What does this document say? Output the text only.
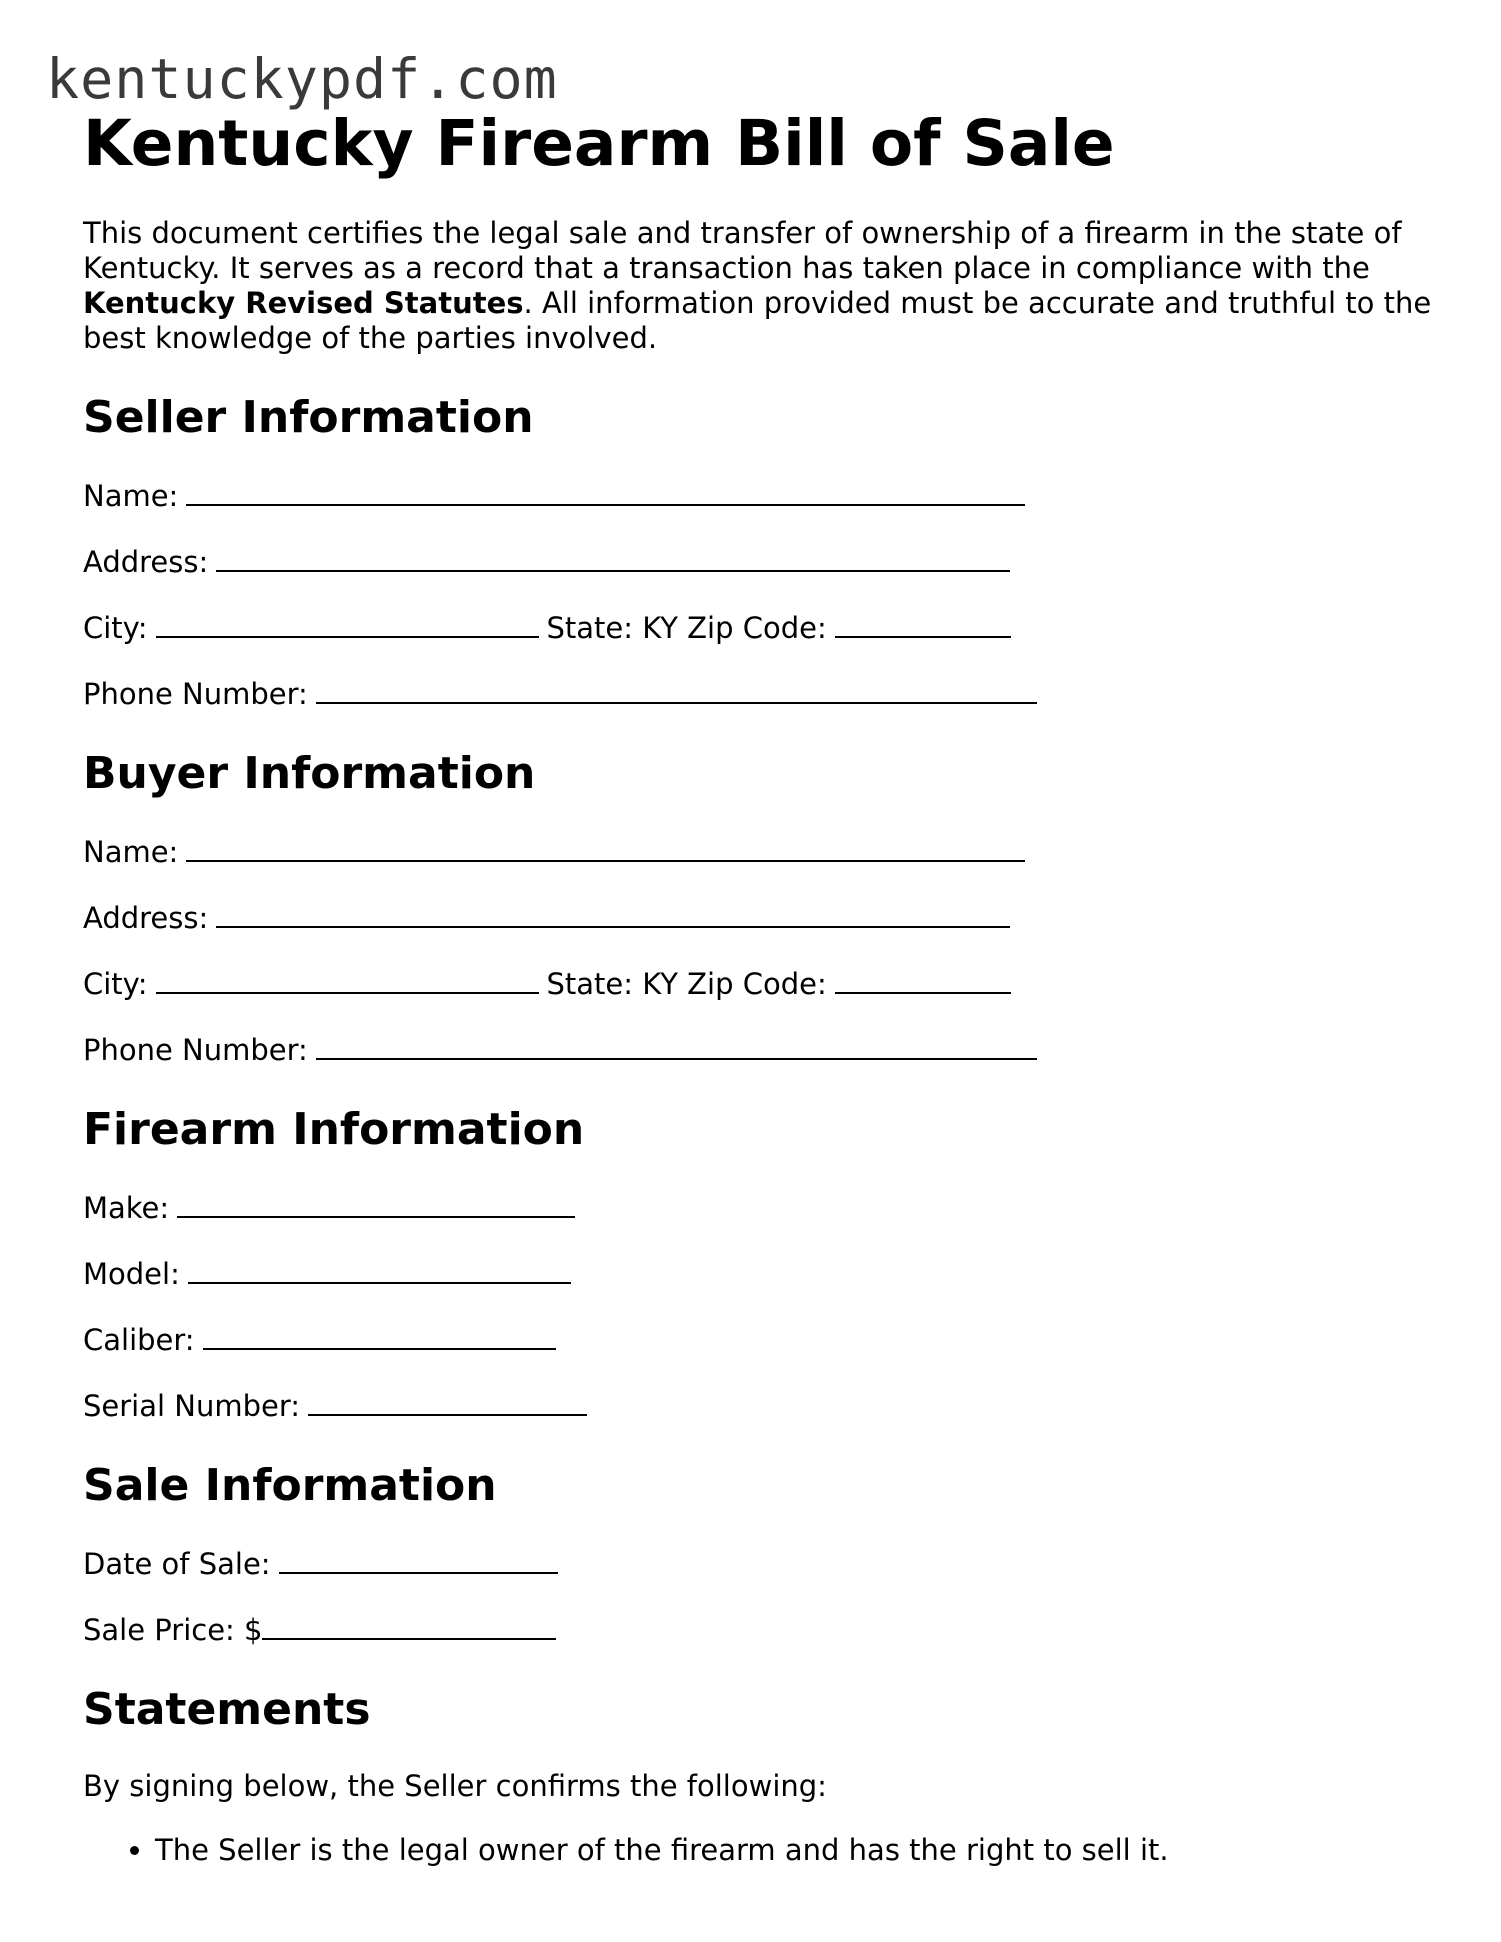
kentuckypdf.com
Kentucky Firearm Bill of Sale

This document certifies the legal sale and transfer of ownership of a firearm in the state of Kentucky. It serves as a record that a transaction has taken place in compliance with the Kentucky Revised Statutes. All information provided must be accurate and truthful to the best knowledge of the parties involved.

Seller Information
Name:
Address:
City:	State: KY Zip Code:
Phone Number:
Buyer Information
Name:
Address:
City:	State: KY Zip Code:
Phone Number:
Firearm Information
Make:
Model:
Caliber:
Serial Number:
Sale Information
Date of Sale:
Sale Price: $
Statements
By signing below, the Seller confirms the following:
• The Seller is the legal owner of the firearm and has the right to sell it.
